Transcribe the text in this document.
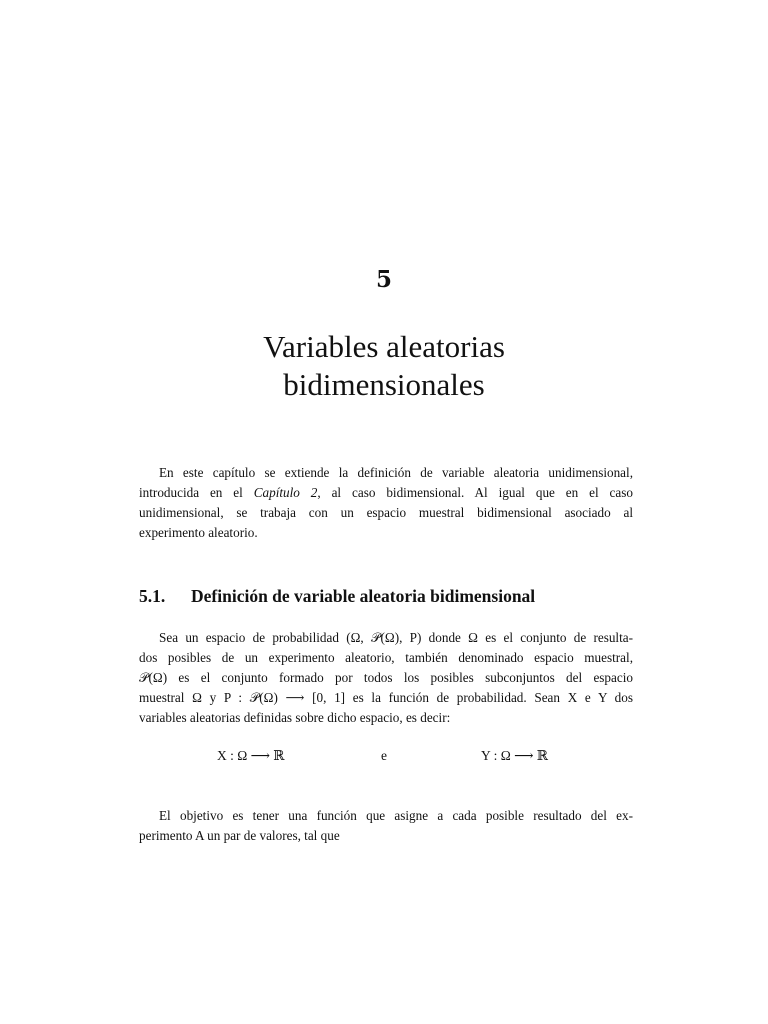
5
Variables aleatorias
bidimensionales

En este capítulo se extiende la definición de variable aleatoria unidimensional,
introducida en el Capítulo 2, al caso bidimensional. Al igual que en el caso
unidimensional, se trabaja con un espacio muestral bidimensional asociado al
experimento aleatorio.

5.1. Definición de variable aleatoria bidimensional

Sea un espacio de probabilidad (Ω, 𝒫(Ω), P) donde Ω es el conjunto de resulta-
dos posibles de un experimento aleatorio, también denominado espacio muestral,
𝒫(Ω) es el conjunto formado por todos los posibles subconjuntos del espacio
muestral Ω y P : 𝒫(Ω) ⟶ [0, 1] es la función de probabilidad. Sean X e Y dos
variables aleatorias definidas sobre dicho espacio, es decir:

X : Ω ⟶ ℝ	e	Y : Ω ⟶ ℝ

El objetivo es tener una función que asigne a cada posible resultado del ex-
perimento A un par de valores, tal que
